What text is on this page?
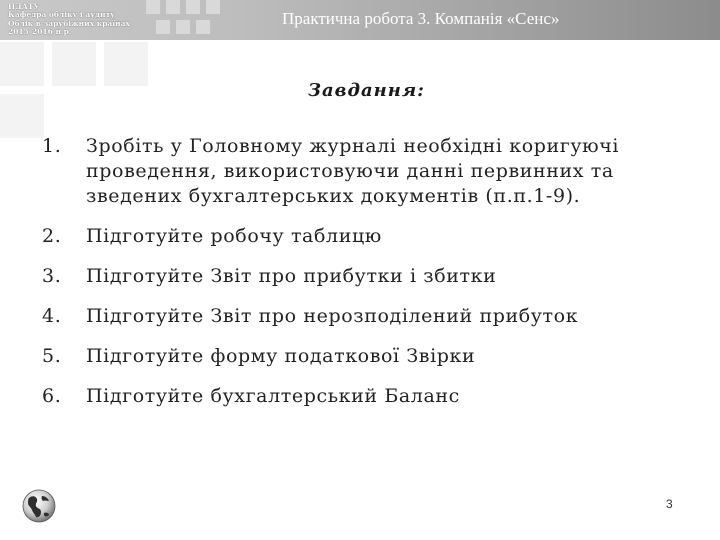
ПДАТУ
Кафедра обліку і аудиту
Облік в зарубіжних країнах
2015-2016 н.р.
Практична робота 3. Компанія «Сенс»
Завдання:
1. Зробіть у Головному журналі необхідні коригуючі проведення, використовуючи данні первинних та зведених бухгалтерських документів (п.п.1-9).
2. Підготуйте робочу таблицю
3. Підготуйте Звіт про прибутки і збитки
4. Підготуйте Звіт про нерозподілений прибуток
5. Підготуйте форму податкової Звірки
6. Підготуйте бухгалтерський Баланс
3
